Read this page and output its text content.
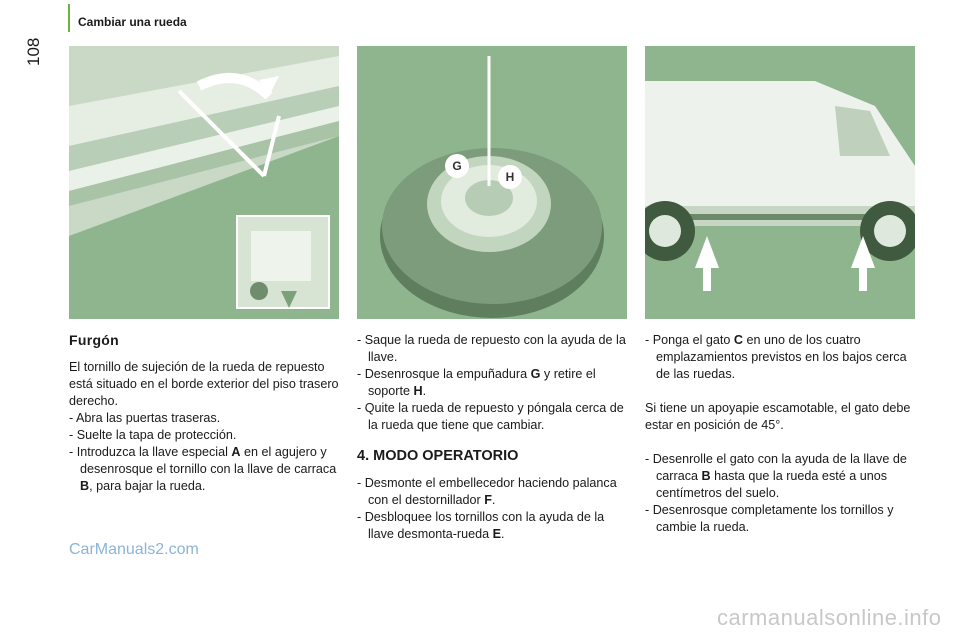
Cambiar una rueda
108
G
H

Furgón

El tornillo de sujeción de la rueda de repuesto está situado en el borde exterior del piso trasero derecho.

- Abra las puertas traseras.

- Suelte la tapa de protección.

- Introduzca la llave especial A en el agujero y desenrosque el tornillo con la llave de carraca B, para bajar la rueda.

- Saque la rueda de repuesto con la ayuda de la llave.

- Desenrosque la empuñadura G y retire el soporte H.

- Quite la rueda de repuesto y póngala cerca de la rueda que tiene que cambiar.

4. MODO OPERATORIO

- Desmonte el embellecedor haciendo palanca con el destornillador F.

- Desbloquee los tornillos con la ayuda de la llave desmonta-rueda E.

- Ponga el gato C en uno de los cuatro emplazamientos previstos en los bajos cerca de las ruedas.

Si tiene un apoyapie escamotable, el gato debe estar en posición de 45°.

- Desenrolle el gato con la ayuda de la llave de carraca B hasta que la rueda esté a unos centímetros del suelo.

- Desenrosque completamente los tornillos y cambie la rueda.

CarManuals2.com
carmanualsonline.info
